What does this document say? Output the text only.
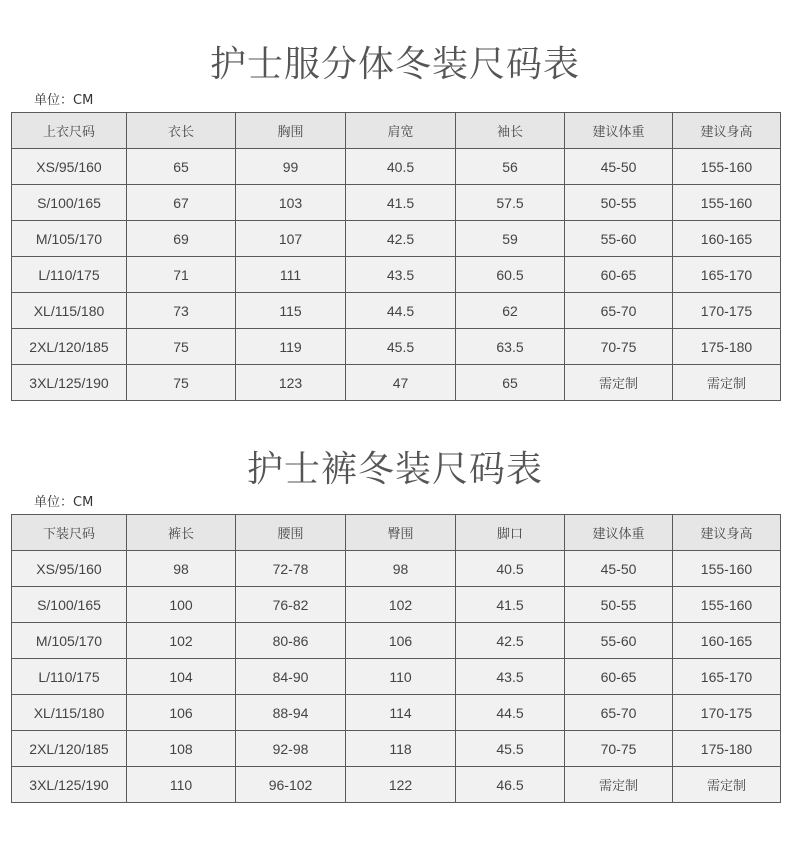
护士服分体冬装尺码表
单位：CM
上衣尺码	衣长	胸围	肩宽	袖长	建议体重	建议身高
XS/95/160	65	99	40.5	56	45-50	155-160
S/100/165	67	103	41.5	57.5	50-55	155-160
M/105/170	69	107	42.5	59	55-60	160-165
L/110/175	71	111	43.5	60.5	60-65	165-170
XL/115/180	73	115	44.5	62	65-70	170-175
2XL/120/185	75	119	45.5	63.5	70-75	175-180
3XL/125/190	75	123	47	65	需定制	需定制
护士裤冬装尺码表
单位：CM
下装尺码	裤长	腰围	臀围	脚口	建议体重	建议身高
XS/95/160	98	72-78	98	40.5	45-50	155-160
S/100/165	100	76-82	102	41.5	50-55	155-160
M/105/170	102	80-86	106	42.5	55-60	160-165
L/110/175	104	84-90	110	43.5	60-65	165-170
XL/115/180	106	88-94	114	44.5	65-70	170-175
2XL/120/185	108	92-98	118	45.5	70-75	175-180
3XL/125/190	110	96-102	122	46.5	需定制	需定制
